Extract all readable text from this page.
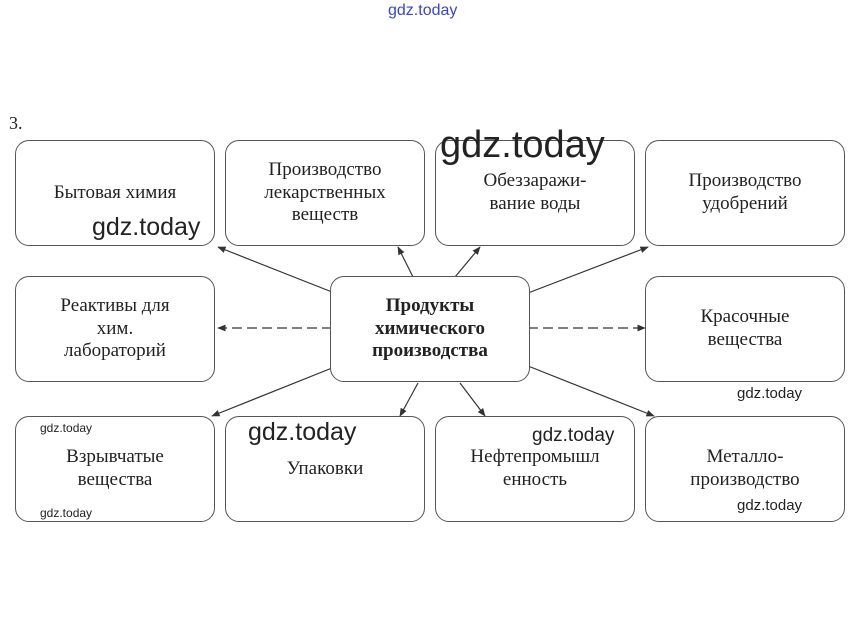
gdz.today
3.
Бытовая химия
Производство
лекарственных
веществ
Обеззаражи-
вание воды
Производство
удобрений
Реактивы для
хим.
лабораторий
Продукты
химического
производства
Красочные
вещества
Взрывчатые
вещества
Упаковки
Нефтепромышл
енность
Металло-
производство
gdz.today
gdz.today
gdz.today	gdz.today
gdz.today
gdz.today
gdz.today
gdz.today
